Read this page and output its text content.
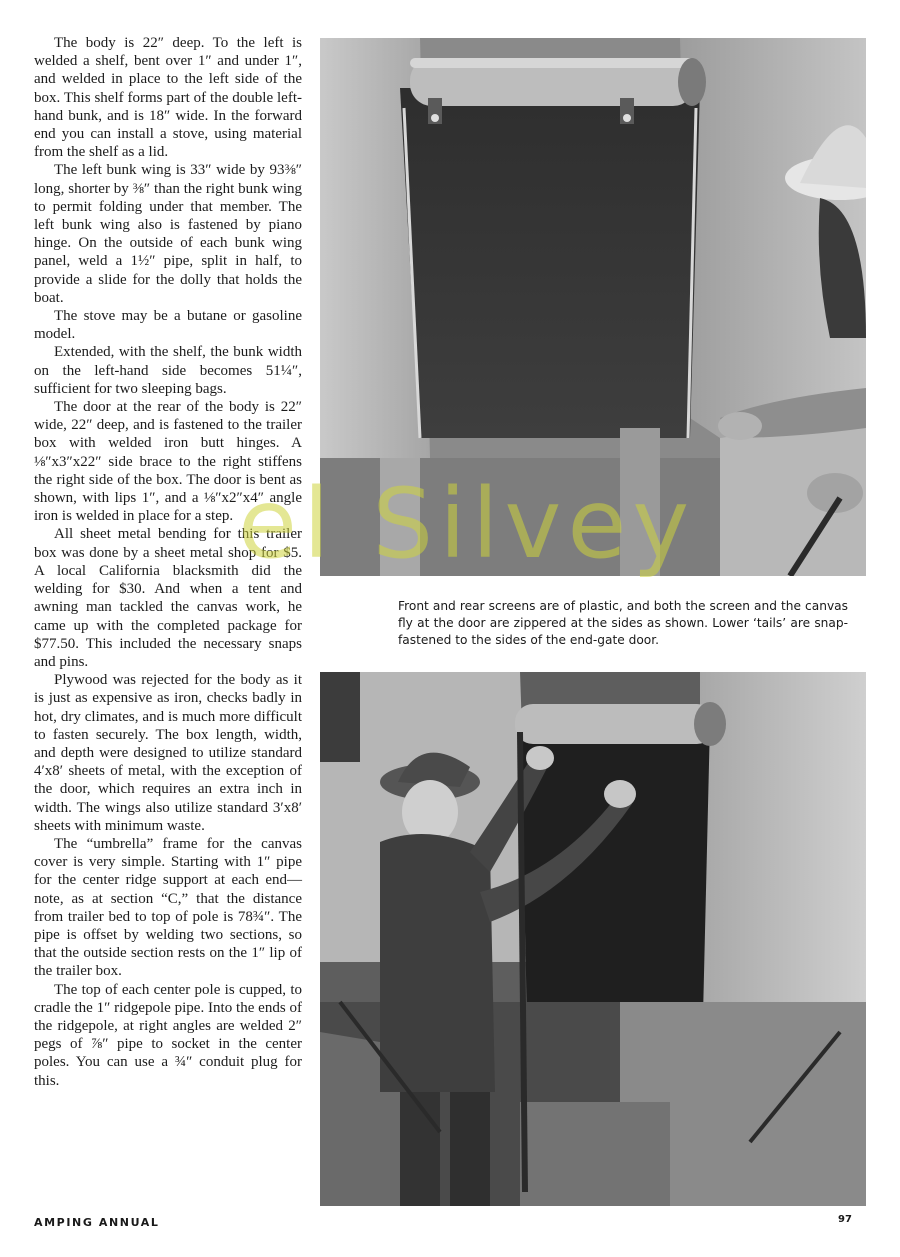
The body is 22″ deep. To the left is welded a shelf, bent over 1″ and under 1″, and welded in place to the left side of the box. This shelf forms part of the double left-hand bunk, and is 18″ wide. In the forward end you can install a stove, using material from the shelf as a lid.

The left bunk wing is 33″ wide by 93⅜″ long, shorter by ⅜″ than the right bunk wing to permit folding under that member. The left bunk wing also is fastened by piano hinge. On the outside of each bunk wing panel, weld a 1½″ pipe, split in half, to provide a slide for the dolly that holds the boat.

The stove may be a butane or gasoline model.

Extended, with the shelf, the bunk width on the left-hand side becomes 51¼″, sufficient for two sleeping bags.

The door at the rear of the body is 22″ wide, 22″ deep, and is fastened to the trailer box with welded iron butt hinges. A ⅛″x3″x22″ side brace to the right stiffens the right side of the box. The door is bent as shown, with lips 1″, and a ⅛″x2″x4″ angle iron is welded in place for a step.

All sheet metal bending for this trailer box was done by a sheet metal shop for $5. A local California blacksmith did the welding for $30. And when a tent and awning man tackled the canvas work, he came up with the completed package for $77.50. This included the necessary snaps and pins.

Plywood was rejected for the body as it is just as expensive as iron, checks badly in hot, dry climates, and is much more difficult to fasten securely. The box length, width, and depth were designed to utilize standard 4′x8′ sheets of metal, with the exception of the door, which requires an extra inch in width. The wings also utilize standard 3′x8′ sheets with minimum waste.

The “umbrella” frame for the canvas cover is very simple. Starting with 1″ pipe for the center ridge support at each end—note, as at section “C,” that the distance from trailer bed to top of pole is 78¾″. The pipe is offset by welding two sections, so that the outside section rests on the 1″ lip of the trailer box.

The top of each center pole is cupped, to cradle the 1″ ridgepole pipe. Into the ends of the ridgepole, at right angles are welded 2″ pegs of ⅞″ pipe to socket in the center poles. You can use a ¾″ conduit plug for this.

Front and rear screens are of plastic, and both the screen and the canvas fly at the door are zippered at the sides as shown. Lower ‘tails’ are snap-fastened to the sides of the end-gate door.
el Silvey
AMPING ANNUAL	97
